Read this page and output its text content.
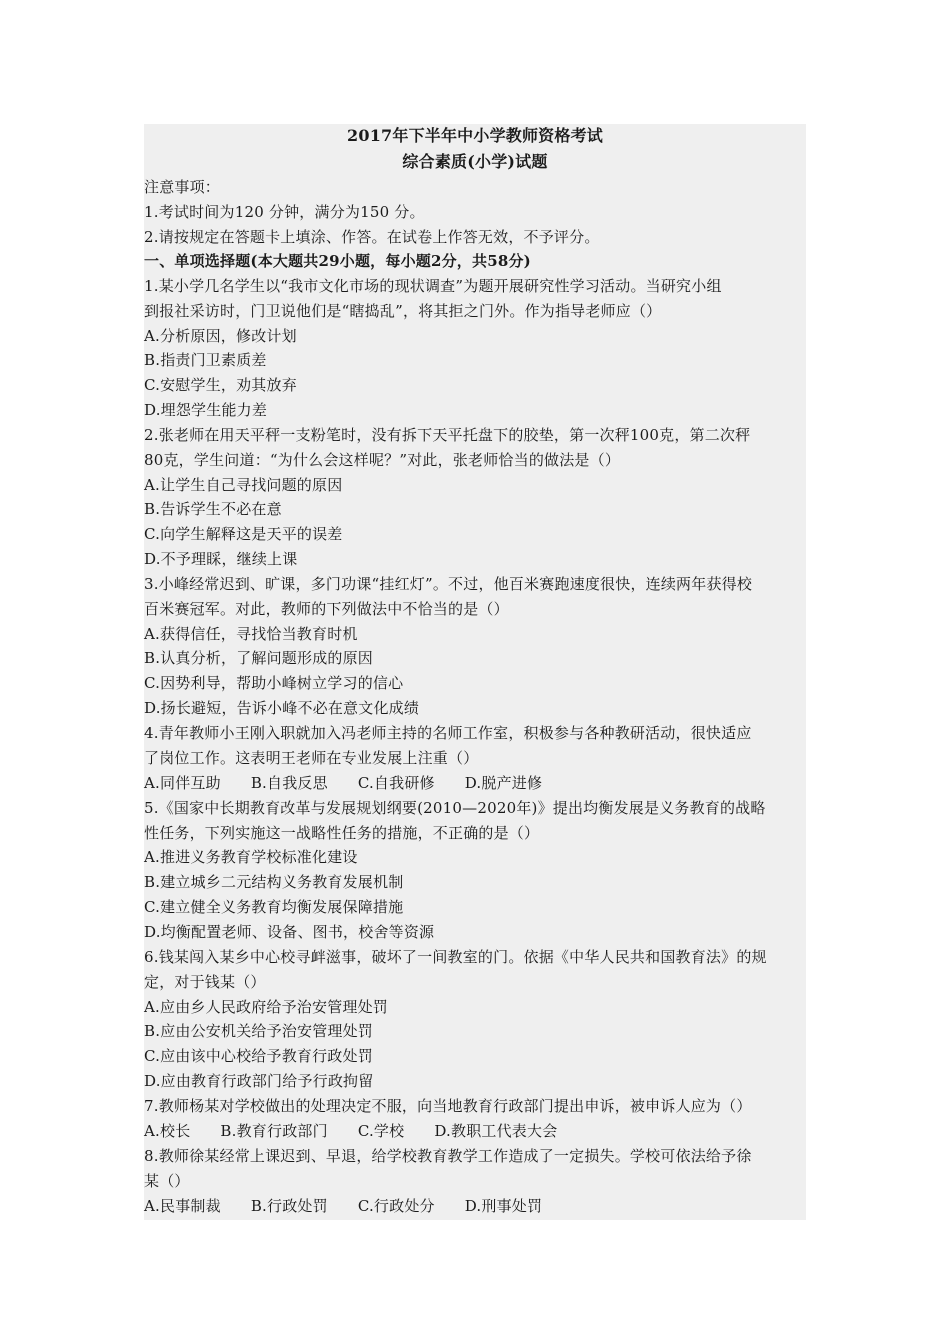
2017年下半年中小学教师资格考试
综合素质(小学)试题
注意事项：
1.考试时间为120 分钟，满分为150 分。
2.请按规定在答题卡上填涂、作答。在试卷上作答无效，不予评分。
一、单项选择题(本大题共29小题，每小题2分，共58分)
1.某小学几名学生以“我市文化市场的现状调查”为题开展研究性学习活动。当研究小组
到报社采访时，门卫说他们是“瞎捣乱”，将其拒之门外。作为指导老师应（）
A.分析原因，修改计划
B.指责门卫素质差
C.安慰学生，劝其放弃
D.埋怨学生能力差
2.张老师在用天平秤一支粉笔时，没有拆下天平托盘下的胶垫，第一次秤100克，第二次秤
80克，学生问道：“为什么会这样呢？”对此，张老师恰当的做法是（）
A.让学生自己寻找问题的原因
B.告诉学生不必在意
C.向学生解释这是天平的误差
D.不予理睬，继续上课
3.小峰经常迟到、旷课，多门功课“挂红灯”。不过，他百米赛跑速度很快，连续两年获得校
百米赛冠军。对此，教师的下列做法中不恰当的是（）
A.获得信任，寻找恰当教育时机
B.认真分析，了解问题形成的原因
C.因势利导，帮助小峰树立学习的信心
D.扬长避短，告诉小峰不必在意文化成绩
4.青年教师小王刚入职就加入冯老师主持的名师工作室，积极参与各种教研活动，很快适应
了岗位工作。这表明王老师在专业发展上注重（）
A.同伴互助 B.自我反思 C.自我研修 D.脱产进修
5.《国家中长期教育改革与发展规划纲要(2010—2020年)》提出均衡发展是义务教育的战略
性任务，下列实施这一战略性任务的措施，不正确的是（）
A.推进义务教育学校标准化建设
B.建立城乡二元结构义务教育发展机制
C.建立健全义务教育均衡发展保障措施
D.均衡配置老师、设备、图书，校舍等资源
6.钱某闯入某乡中心校寻衅滋事，破坏了一间教室的门。依据《中华人民共和国教育法》的规
定，对于钱某（）
A.应由乡人民政府给予治安管理处罚
B.应由公安机关给予治安管理处罚
C.应由该中心校给予教育行政处罚
D.应由教育行政部门给予行政拘留
7.教师杨某对学校做出的处理决定不服，向当地教育行政部门提出申诉，被申诉人应为（）
A.校长 B.教育行政部门 C.学校 D.教职工代表大会
8.教师徐某经常上课迟到、早退，给学校教育教学工作造成了一定损失。学校可依法给予徐
某（）
A.民事制裁 B.行政处罚 C.行政处分 D.刑事处罚
